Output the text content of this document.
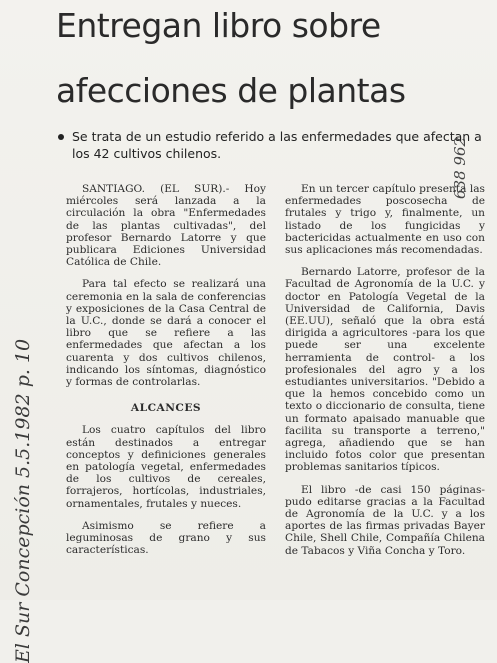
Entregan libro sobre
afecciones de plantas
Se trata de un estudio referido a las enfermedades que afectan a los 42 cultivos chilenos.

SANTIAGO. (EL SUR).- Hoy miércoles será lanzada a la circulación la obra "Enfermedades de las plantas cultivadas", del profesor Bernardo Latorre y que publicara Ediciones Universidad Católica de Chile.

Para tal efecto se realizará una ceremonia en la sala de conferencias y exposiciones de la Casa Central de la U.C., donde se dará a conocer el libro que se refiere a las enfermedades que afectan a los cuarenta y dos cultivos chilenos, indicando los síntomas, diagnóstico y formas de controlarlas.

ALCANCES

Los cuatro capítulos del libro están destinados a entregar conceptos y definiciones generales en patología vegetal, enfermedades de los cultivos de cereales, forrajeros, hortícolas, industriales, ornamentales, frutales y nueces.

Asimismo se refiere a leguminosas de grano y sus características.

En un tercer capítulo presenta las enfermedades poscosecha de frutales y trigo y, finalmente, un listado de los fungicidas y bactericidas actualmente en uso con sus aplicaciones más recomendadas.

Bernardo Latorre, profesor de la Facultad de Agronomía de la U.C. y doctor en Patología Vegetal de la Universidad de California, Davis (EE.UU), señaló que la obra está dirigida a agricultores -para los que puede ser una excelente herramienta de control- a los profesionales del agro y a los estudiantes universitarios. "Debido a que la hemos concebido como un texto o diccionario de consulta, tiene un formato apaisado manuable que facilita su transporte a terreno," agrega, añadiendo que se han incluido fotos color que presentan problemas sanitarios típicos.

El libro -de casi 150 páginas- pudo editarse gracias a la Facultad de Agronomía de la U.C. y a los aportes de las firmas privadas Bayer Chile, Shell Chile, Compañía Chilena de Tabacos y Viña Concha y Toro.

El Sur Concepción 5.5.1982 p. 10
638 962
